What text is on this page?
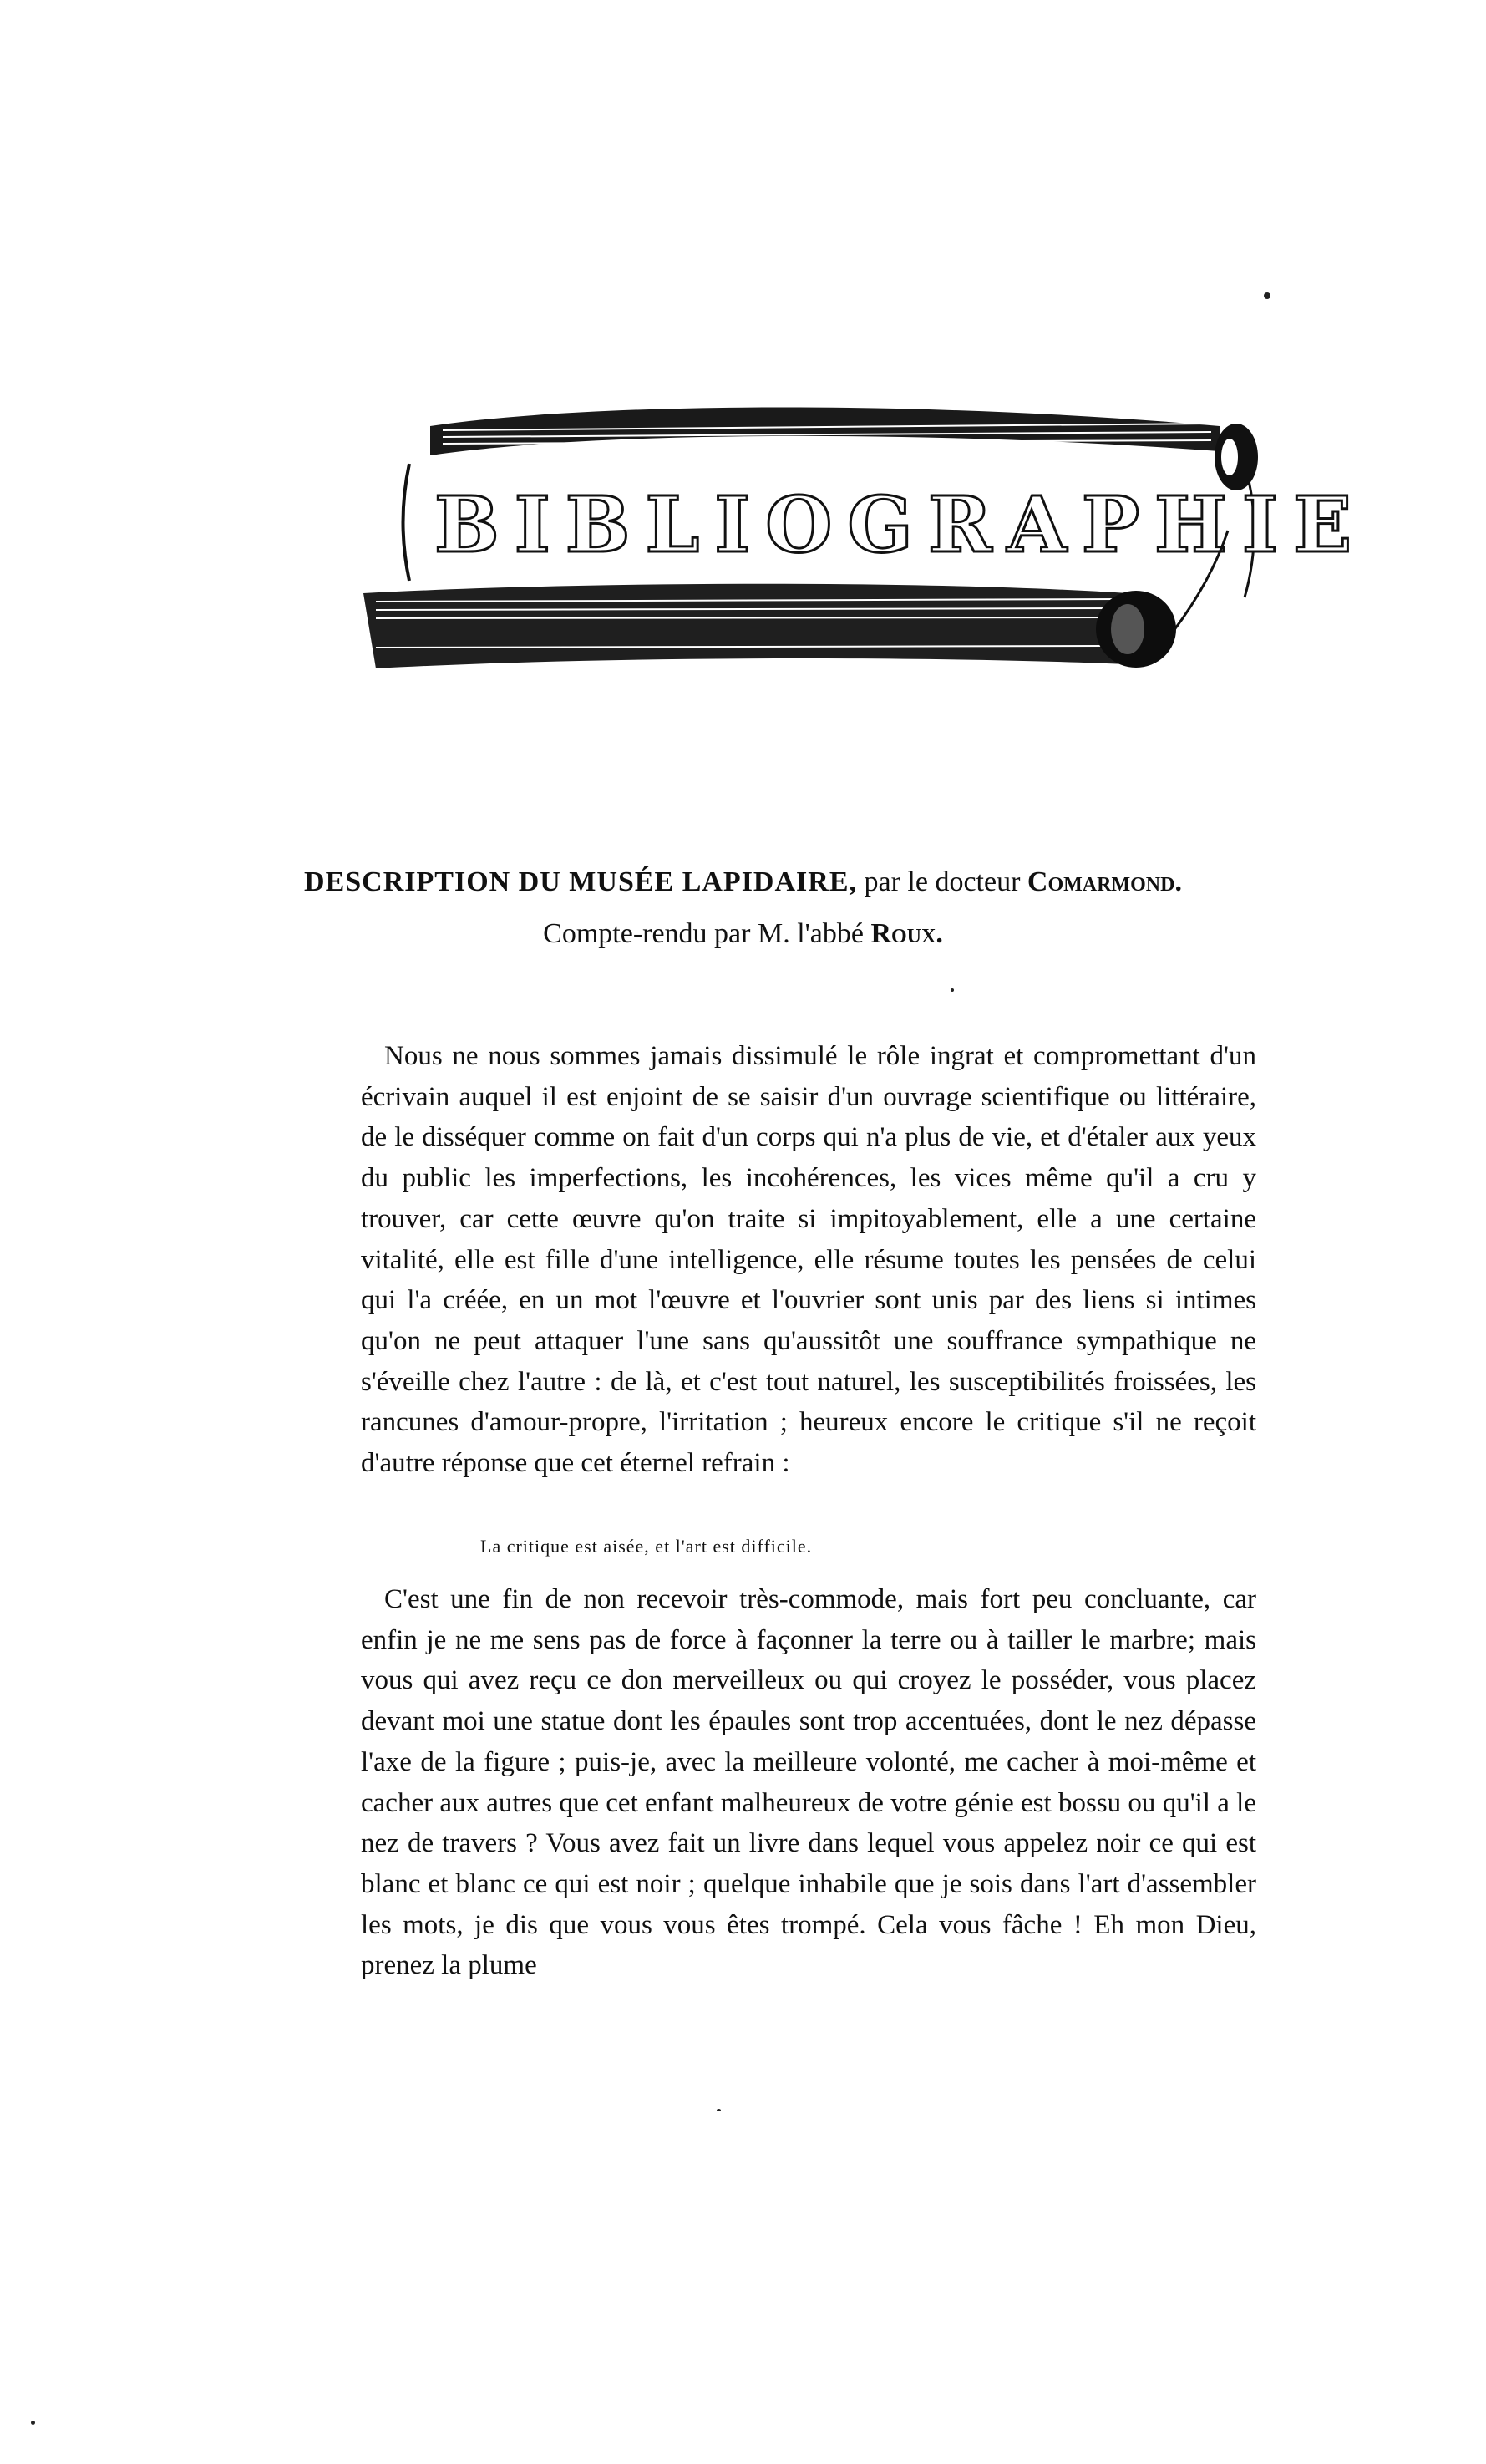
BIBLIOGRAPHIE
DESCRIPTION DU MUSÉE LAPIDAIRE, par le docteur Comarmond.
Compte-rendu par M. l'abbé Roux.

Nous ne nous sommes jamais dissimulé le rôle ingrat et compromettant d'un écrivain auquel il est enjoint de se saisir d'un ouvrage scientifique ou littéraire, de le disséquer comme on fait d'un corps qui n'a plus de vie, et d'étaler aux yeux du public les imperfections, les incohérences, les vices même qu'il a cru y trouver, car cette œuvre qu'on traite si impitoyablement, elle a une certaine vitalité, elle est fille d'une intelligence, elle résume toutes les pensées de celui qui l'a créée, en un mot l'œuvre et l'ouvrier sont unis par des liens si intimes qu'on ne peut attaquer l'une sans qu'aussitôt une souffrance sympathique ne s'éveille chez l'autre : de là, et c'est tout naturel, les susceptibilités froissées, les rancunes d'amour-propre, l'irritation ; heureux encore le critique s'il ne reçoit d'autre réponse que cet éternel refrain :

La critique est aisée, et l'art est difficile.

C'est une fin de non recevoir très-commode, mais fort peu concluante, car enfin je ne me sens pas de force à façonner la terre ou à tailler le marbre; mais vous qui avez reçu ce don merveilleux ou qui croyez le posséder, vous placez devant moi une statue dont les épaules sont trop accentuées, dont le nez dépasse l'axe de la figure ; puis-je, avec la meilleure volonté, me cacher à moi-même et cacher aux autres que cet enfant malheureux de votre génie est bossu ou qu'il a le nez de travers ? Vous avez fait un livre dans lequel vous appelez noir ce qui est blanc et blanc ce qui est noir ; quelque inhabile que je sois dans l'art d'assembler les mots, je dis que vous vous êtes trompé. Cela vous fâche ! Eh mon Dieu, prenez la plume
